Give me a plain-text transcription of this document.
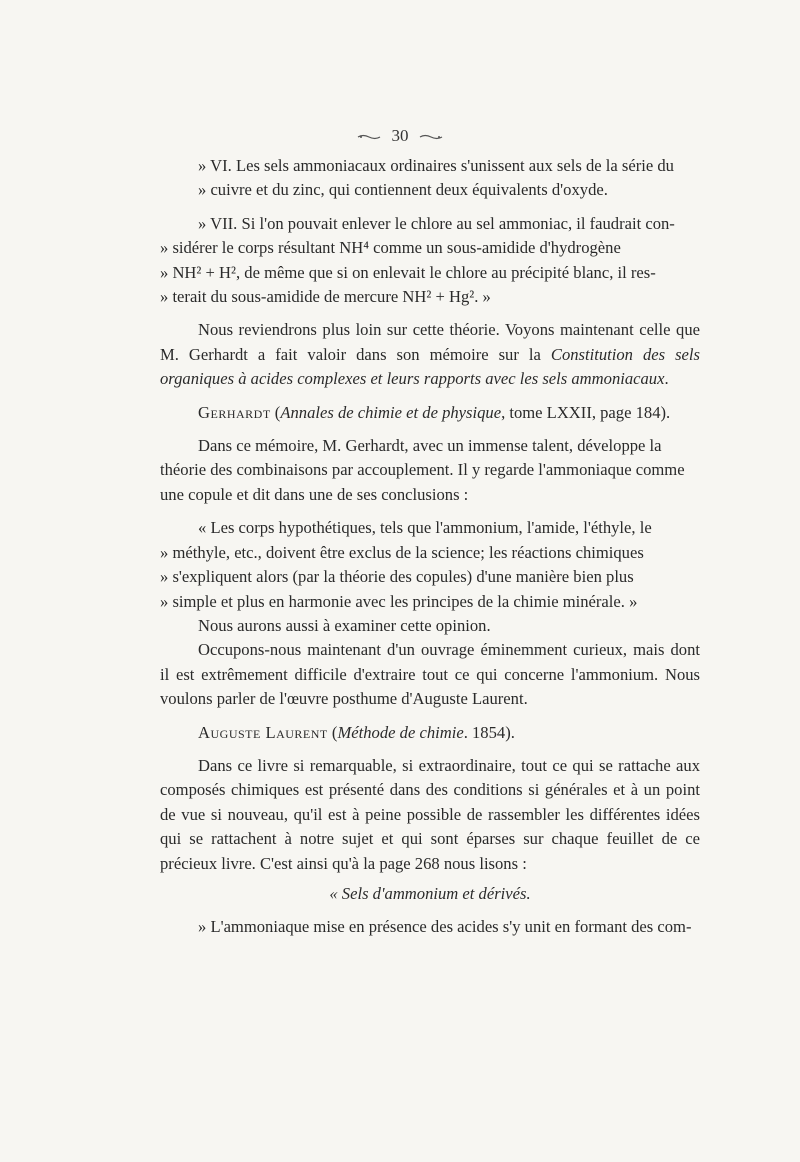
30

» VI. Les sels ammoniacaux ordinaires s'unissent aux sels de la série du

» cuivre et du zinc, qui contiennent deux équivalents d'oxyde.

» VII. Si l'on pouvait enlever le chlore au sel ammoniac, il faudrait con-

» sidérer le corps résultant NH⁴ comme un sous-amidide d'hydrogène

» NH² + H², de même que si on enlevait le chlore au précipité blanc, il res-

» terait du sous-amidide de mercure NH² + Hg². »

Nous reviendrons plus loin sur cette théorie. Voyons maintenant celle que M. Gerhardt a fait valoir dans son mémoire sur la Constitution des sels organiques à acides complexes et leurs rapports avec les sels ammoniacaux.

Gerhardt (Annales de chimie et de physique, tome LXXII, page 184).

Dans ce mémoire, M. Gerhardt, avec un immense talent, développe la

théorie des combinaisons par accouplement. Il y regarde l'ammoniaque comme

une copule et dit dans une de ses conclusions :

« Les corps hypothétiques, tels que l'ammonium, l'amide, l'éthyle, le

» méthyle, etc., doivent être exclus de la science; les réactions chimiques

» s'expliquent alors (par la théorie des copules) d'une manière bien plus

» simple et plus en harmonie avec les principes de la chimie minérale. »

Nous aurons aussi à examiner cette opinion.

Occupons-nous maintenant d'un ouvrage éminemment curieux, mais dont il est extrêmement difficile d'extraire tout ce qui concerne l'ammonium. Nous voulons parler de l'œuvre posthume d'Auguste Laurent.

Auguste Laurent (Méthode de chimie. 1854).

Dans ce livre si remarquable, si extraordinaire, tout ce qui se rattache aux composés chimiques est présenté dans des conditions si générales et à un point de vue si nouveau, qu'il est à peine possible de rassembler les différentes idées qui se rattachent à notre sujet et qui sont éparses sur chaque feuillet de ce précieux livre. C'est ainsi qu'à la page 268 nous lisons :

« Sels d'ammonium et dérivés.

» L'ammoniaque mise en présence des acides s'y unit en formant des com-
